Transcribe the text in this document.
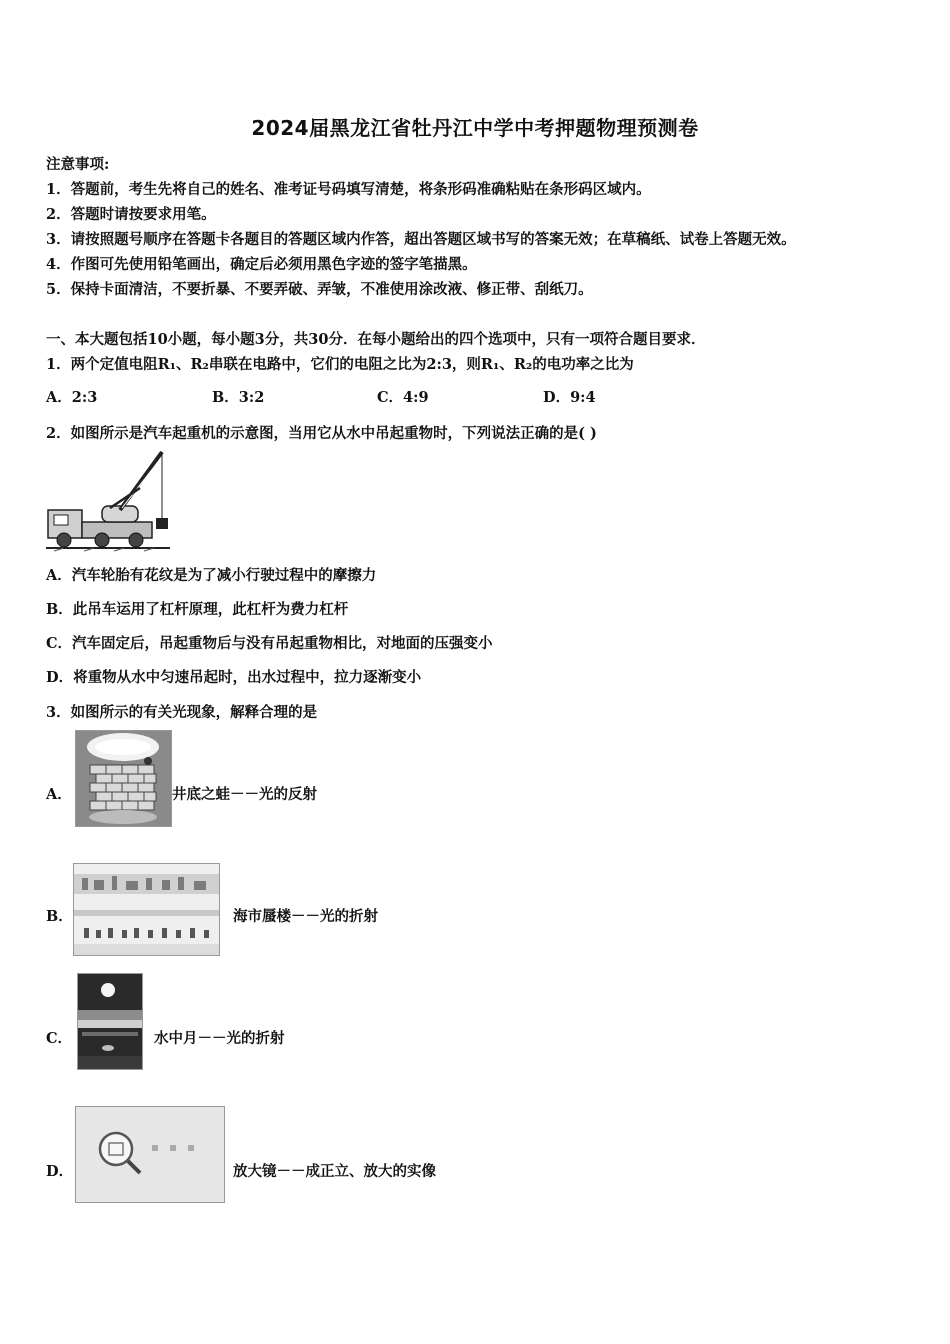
2024届黑龙江省牡丹江中学中考押题物理预测卷
注意事项:
1．答题前，考生先将自己的姓名、准考证号码填写清楚，将条形码准确粘贴在条形码区域内。
2．答题时请按要求用笔。
3．请按照题号顺序在答题卡各题目的答题区域内作答，超出答题区域书写的答案无效；在草稿纸、试卷上答题无效。
4．作图可先使用铅笔画出，确定后必须用黑色字迹的签字笔描黑。
5．保持卡面清洁，不要折暴、不要弄破、弄皱，不准使用涂改液、修正带、刮纸刀。
一、本大题包括10小题，每小题3分，共30分．在每小题给出的四个选项中，只有一项符合题目要求．
1．两个定值电阻R₁、R₂串联在电路中，它们的电阻之比为2:3，则R₁、R₂的电功率之比为
A．2:3	B．3:2	C．4:9	D．9:4
2．如图所示是汽车起重机的示意图，当用它从水中吊起重物时，下列说法正确的是( )
A．汽车轮胎有花纹是为了减小行驶过程中的摩擦力
B．此吊车运用了杠杆原理，此杠杆为费力杠杆
C．汽车固定后，吊起重物后与没有吊起重物相比，对地面的压强变小
D．将重物从水中匀速吊起时，出水过程中，拉力逐渐变小
3．如图所示的有关光现象，解释合理的是
A．	井底之蛙－－光的反射
B．	海市蜃楼－－光的折射
C．	水中月－－光的折射
D．	放大镜－－成正立、放大的实像
